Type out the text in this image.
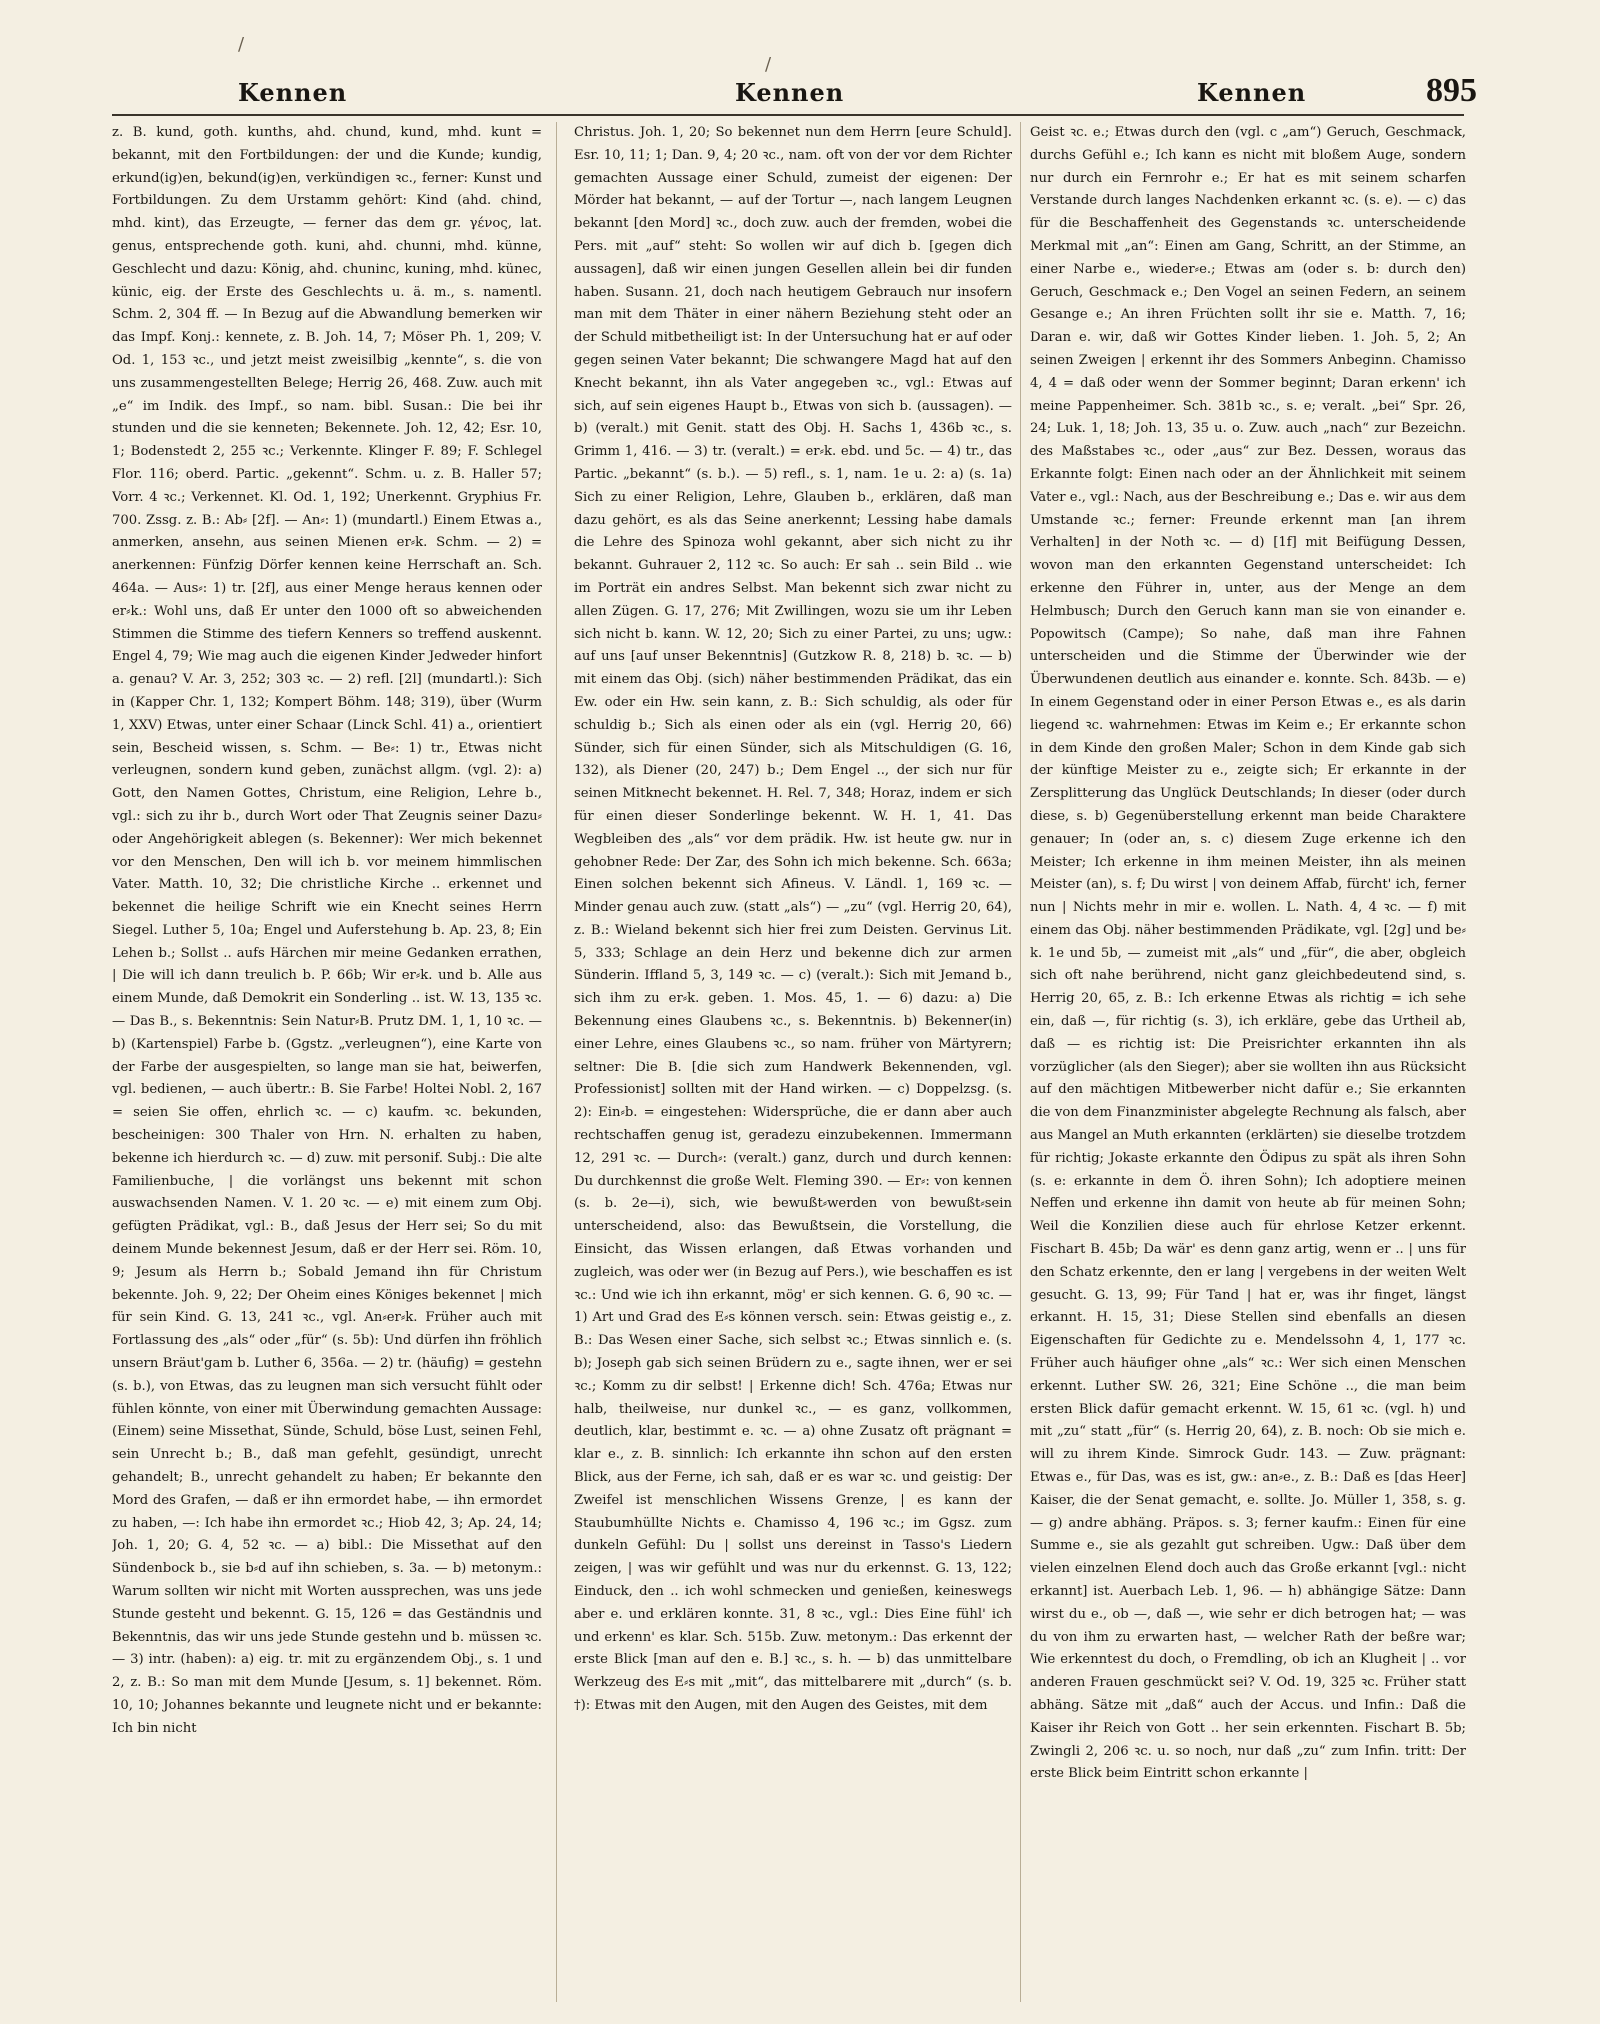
/
/
Kennen	Kennen	Kennen	895

z. B. kund, goth. kunths, ahd. chund, kund, mhd. kunt = bekannt, mit den Fortbildungen: der und die Kunde; kundig, erkund(ig)en, bekund(ig)en, verkündigen ꝛc., ferner: Kunst und Fortbildungen. Zu dem Urstamm gehört: Kind (ahd. chind, mhd. kint), das Erzeugte, — ferner das dem gr. γένος, lat. genus, entsprechende goth. kuni, ahd. chunni, mhd. künne, Geschlecht und dazu: König, ahd. chuninc, kuning, mhd. künec, künic, eig. der Erste des Geschlechts u. ä. m., s. namentl. Schm. 2, 304 ff. — In Bezug auf die Abwandlung bemerken wir das Impf. Konj.: kennete, z. B. Joh. 14, 7; Möser Ph. 1, 209; V. Od. 1, 153 ꝛc., und jetzt meist zweisilbig „kennte“, s. die von uns zusammengestellten Belege; Herrig 26, 468. Zuw. auch mit „e“ im Indik. des Impf., so nam. bibl. Susan.: Die bei ihr stunden und die sie kenneten; Bekennete. Joh. 12, 42; Esr. 10, 1; Bodenstedt 2, 255 ꝛc.; Verkennte. Klinger F. 89; F. Schlegel Flor. 116; oberd. Partic. „gekennt“. Schm. u. z. B. Haller 57; Vorr. 4 ꝛc.; Verkennet. Kl. Od. 1, 192; Unerkennt. Gryphius Fr. 700. Zssg. z. B.: Ab⸗ [2f]. — An⸗: 1) (mundartl.) Einem Etwas a., anmerken, ansehn, aus seinen Mienen er⸗k. Schm. — 2) = anerkennen: Fünfzig Dörfer kennen keine Herrschaft an. Sch. 464a. — Aus⸗: 1) tr. [2f], aus einer Menge heraus kennen oder er⸗k.: Wohl uns, daß Er unter den 1000 oft so abweichenden Stimmen die Stimme des tiefern Kenners so treffend auskennt. Engel 4, 79; Wie mag auch die eigenen Kinder Jedweder hinfort a. genau? V. Ar. 3, 252; 303 ꝛc. — 2) refl. [2l] (mundartl.): Sich in (Kapper Chr. 1, 132; Kompert Böhm. 148; 319), über (Wurm 1, XXV) Etwas, unter einer Schaar (Linck Schl. 41) a., orientiert sein, Bescheid wissen, s. Schm. — Be⸗: 1) tr., Etwas nicht verleugnen, sondern kund geben, zunächst allgm. (vgl. 2): a) Gott, den Namen Gottes, Christum, eine Religion, Lehre b., vgl.: sich zu ihr b., durch Wort oder That Zeugnis seiner Dazu⸗ oder Angehörigkeit ablegen (s. Bekenner): Wer mich bekennet vor den Menschen, Den will ich b. vor meinem himmlischen Vater. Matth. 10, 32; Die christliche Kirche .. erkennet und bekennet die heilige Schrift wie ein Knecht seines Herrn Siegel. Luther 5, 10a; Engel und Auferstehung b. Ap. 23, 8; Ein Lehen b.; Sollst .. aufs Härchen mir meine Gedanken errathen, | Die will ich dann treulich b. P. 66b; Wir er⸗k. und b. Alle aus einem Munde, daß Demokrit ein Sonderling .. ist. W. 13, 135 ꝛc. — Das B., s. Bekenntnis: Sein Natur⸗B. Prutz DM. 1, 1, 10 ꝛc. — b) (Kartenspiel) Farbe b. (Ggstz. „verleugnen“), eine Karte von der Farbe der ausgespielten, so lange man sie hat, beiwerfen, vgl. bedienen, — auch übertr.: B. Sie Farbe! Holtei Nobl. 2, 167 = seien Sie offen, ehrlich ꝛc. — c) kaufm. ꝛc. bekunden, bescheinigen: 300 Thaler von Hrn. N. erhalten zu haben, bekenne ich hierdurch ꝛc. — d) zuw. mit personif. Subj.: Die alte Familienbuche, | die vorlängst uns bekennt mit schon auswachsenden Namen. V. 1. 20 ꝛc. — e) mit einem zum Obj. gefügten Prädikat, vgl.: B., daß Jesus der Herr sei; So du mit deinem Munde bekennest Jesum, daß er der Herr sei. Röm. 10, 9; Jesum als Herrn b.; Sobald Jemand ihn für Christum bekennte. Joh. 9, 22; Der Oheim eines Königes bekennet | mich für sein Kind. G. 13, 241 ꝛc., vgl. An⸗er⸗k. Früher auch mit Fortlassung des „als“ oder „für“ (s. 5b): Und dürfen ihn fröhlich unsern Bräut'gam b. Luther 6, 356a. — 2) tr. (häufig) = gestehn (s. b.), von Etwas, das zu leugnen man sich versucht fühlt oder fühlen könnte, von einer mit Überwindung gemachten Aussage: (Einem) seine Missethat, Sünde, Schuld, böse Lust, seinen Fehl, sein Unrecht b.; B., daß man gefehlt, gesündigt, unrecht gehandelt; B., unrecht gehandelt zu haben; Er bekannte den Mord des Grafen, — daß er ihn ermordet habe, — ihn ermordet zu haben, —: Ich habe ihn ermordet ꝛc.; Hiob 42, 3; Ap. 24, 14; Joh. 1, 20; G. 4, 52 ꝛc. — a) bibl.: Die Missethat auf den Sündenbock b., sie b⸗d auf ihn schieben, s. 3a. — b) metonym.: Warum sollten wir nicht mit Worten aussprechen, was uns jede Stunde gesteht und bekennt. G. 15, 126 = das Geständnis und Bekenntnis, das wir uns jede Stunde gestehn und b. müssen ꝛc. — 3) intr. (haben): a) eig. tr. mit zu ergänzendem Obj., s. 1 und 2, z. B.: So man mit dem Munde [Jesum, s. 1] bekennet. Röm. 10, 10; Johannes bekannte und leugnete nicht und er bekannte: Ich bin nicht

Christus. Joh. 1, 20; So bekennet nun dem Herrn [eure Schuld]. Esr. 10, 11; 1; Dan. 9, 4; 20 ꝛc., nam. oft von der vor dem Richter gemachten Aussage einer Schuld, zumeist der eigenen: Der Mörder hat bekannt, — auf der Tortur —, nach langem Leugnen bekannt [den Mord] ꝛc., doch zuw. auch der fremden, wobei die Pers. mit „auf“ steht: So wollen wir auf dich b. [gegen dich aussagen], daß wir einen jungen Gesellen allein bei dir funden haben. Susann. 21, doch nach heutigem Gebrauch nur insofern man mit dem Thäter in einer nähern Beziehung steht oder an der Schuld mitbetheiligt ist: In der Untersuchung hat er auf oder gegen seinen Vater bekannt; Die schwangere Magd hat auf den Knecht bekannt, ihn als Vater angegeben ꝛc., vgl.: Etwas auf sich, auf sein eigenes Haupt b., Etwas von sich b. (aussagen). — b) (veralt.) mit Genit. statt des Obj. H. Sachs 1, 436b ꝛc., s. Grimm 1, 416. — 3) tr. (veralt.) = er⸗k. ebd. und 5c. — 4) tr., das Partic. „bekannt“ (s. b.). — 5) refl., s. 1, nam. 1e u. 2: a) (s. 1a) Sich zu einer Religion, Lehre, Glauben b., erklären, daß man dazu gehört, es als das Seine anerkennt; Lessing habe damals die Lehre des Spinoza wohl gekannt, aber sich nicht zu ihr bekannt. Guhrauer 2, 112 ꝛc. So auch: Er sah .. sein Bild .. wie im Porträt ein andres Selbst. Man bekennt sich zwar nicht zu allen Zügen. G. 17, 276; Mit Zwillingen, wozu sie um ihr Leben sich nicht b. kann. W. 12, 20; Sich zu einer Partei, zu uns; ugw.: auf uns [auf unser Bekenntnis] (Gutzkow R. 8, 218) b. ꝛc. — b) mit einem das Obj. (sich) näher bestimmenden Prädikat, das ein Ew. oder ein Hw. sein kann, z. B.: Sich schuldig, als oder für schuldig b.; Sich als einen oder als ein (vgl. Herrig 20, 66) Sünder, sich für einen Sünder, sich als Mitschuldigen (G. 16, 132), als Diener (20, 247) b.; Dem Engel .., der sich nur für seinen Mitknecht bekennet. H. Rel. 7, 348; Horaz, indem er sich für einen dieser Sonderlinge bekennt. W. H. 1, 41. Das Wegbleiben des „als“ vor dem prädik. Hw. ist heute gw. nur in gehobner Rede: Der Zar, des Sohn ich mich bekenne. Sch. 663a; Einen solchen bekennt sich Afineus. V. Ländl. 1, 169 ꝛc. — Minder genau auch zuw. (statt „als“) — „zu“ (vgl. Herrig 20, 64), z. B.: Wieland bekennt sich hier frei zum Deisten. Gervinus Lit. 5, 333; Schlage an dein Herz und bekenne dich zur armen Sünderin. Iffland 5, 3, 149 ꝛc. — c) (veralt.): Sich mit Jemand b., sich ihm zu er⸗k. geben. 1. Mos. 45, 1. — 6) dazu: a) Die Bekennung eines Glaubens ꝛc., s. Bekenntnis. b) Bekenner(in) einer Lehre, eines Glaubens ꝛc., so nam. früher von Märtyrern; seltner: Die B. [die sich zum Handwerk Bekennenden, vgl. Professionist] sollten mit der Hand wirken. — c) Doppelzsg. (s. 2): Ein⸗b. = eingestehen: Widersprüche, die er dann aber auch rechtschaffen genug ist, geradezu einzubekennen. Immermann 12, 291 ꝛc. — Durch⸗: (veralt.) ganz, durch und durch kennen: Du durchkennst die große Welt. Fleming 390. — Er⸗: von kennen (s. b. 2e—i), sich, wie bewußt⸗werden von bewußt⸗sein unterscheidend, also: das Bewußtsein, die Vorstellung, die Einsicht, das Wissen erlangen, daß Etwas vorhanden und zugleich, was oder wer (in Bezug auf Pers.), wie beschaffen es ist ꝛc.: Und wie ich ihn erkannt, mög' er sich kennen. G. 6, 90 ꝛc. — 1) Art und Grad des E⸗s können versch. sein: Etwas geistig e., z. B.: Das Wesen einer Sache, sich selbst ꝛc.; Etwas sinnlich e. (s. b); Joseph gab sich seinen Brüdern zu e., sagte ihnen, wer er sei ꝛc.; Komm zu dir selbst! | Erkenne dich! Sch. 476a; Etwas nur halb, theilweise, nur dunkel ꝛc., — es ganz, vollkommen, deutlich, klar, bestimmt e. ꝛc. — a) ohne Zusatz oft prägnant = klar e., z. B. sinnlich: Ich erkannte ihn schon auf den ersten Blick, aus der Ferne, ich sah, daß er es war ꝛc. und geistig: Der Zweifel ist menschlichen Wissens Grenze, | es kann der Staubumhüllte Nichts e. Chamisso 4, 196 ꝛc.; im Ggsz. zum dunkeln Gefühl: Du | sollst uns dereinst in Tasso's Liedern zeigen, | was wir gefühlt und was nur du erkennst. G. 13, 122; Einduck, den .. ich wohl schmecken und genießen, keineswegs aber e. und erklären konnte. 31, 8 ꝛc., vgl.: Dies Eine fühl' ich und erkenn' es klar. Sch. 515b. Zuw. metonym.: Das erkennt der erste Blick [man auf den e. B.] ꝛc., s. h. — b) das unmittelbare Werkzeug des E⸗s mit „mit“, das mittelbarere mit „durch“ (s. b. †): Etwas mit den Augen, mit den Augen des Geistes, mit dem

Geist ꝛc. e.; Etwas durch den (vgl. c „am“) Geruch, Geschmack, durchs Gefühl e.; Ich kann es nicht mit bloßem Auge, sondern nur durch ein Fernrohr e.; Er hat es mit seinem scharfen Verstande durch langes Nachdenken erkannt ꝛc. (s. e). — c) das für die Beschaffenheit des Gegenstands ꝛc. unterscheidende Merkmal mit „an“: Einen am Gang, Schritt, an der Stimme, an einer Narbe e., wieder⸗e.; Etwas am (oder s. b: durch den) Geruch, Geschmack e.; Den Vogel an seinen Federn, an seinem Gesange e.; An ihren Früchten sollt ihr sie e. Matth. 7, 16; Daran e. wir, daß wir Gottes Kinder lieben. 1. Joh. 5, 2; An seinen Zweigen | erkennt ihr des Sommers Anbeginn. Chamisso 4, 4 = daß oder wenn der Sommer beginnt; Daran erkenn' ich meine Pappenheimer. Sch. 381b ꝛc., s. e; veralt. „bei“ Spr. 26, 24; Luk. 1, 18; Joh. 13, 35 u. o. Zuw. auch „nach“ zur Bezeichn. des Maßstabes ꝛc., oder „aus“ zur Bez. Dessen, woraus das Erkannte folgt: Einen nach oder an der Ähnlichkeit mit seinem Vater e., vgl.: Nach, aus der Beschreibung e.; Das e. wir aus dem Umstande ꝛc.; ferner: Freunde erkennt man [an ihrem Verhalten] in der Noth ꝛc. — d) [1f] mit Beifügung Dessen, wovon man den erkannten Gegenstand unterscheidet: Ich erkenne den Führer in, unter, aus der Menge an dem Helmbusch; Durch den Geruch kann man sie von einander e. Popowitsch (Campe); So nahe, daß man ihre Fahnen unterscheiden und die Stimme der Überwinder wie der Überwundenen deutlich aus einander e. konnte. Sch. 843b. — e) In einem Gegenstand oder in einer Person Etwas e., es als darin liegend ꝛc. wahrnehmen: Etwas im Keim e.; Er erkannte schon in dem Kinde den großen Maler; Schon in dem Kinde gab sich der künftige Meister zu e., zeigte sich; Er erkannte in der Zersplitterung das Unglück Deutschlands; In dieser (oder durch diese, s. b) Gegenüberstellung erkennt man beide Charaktere genauer; In (oder an, s. c) diesem Zuge erkenne ich den Meister; Ich erkenne in ihm meinen Meister, ihn als meinen Meister (an), s. f; Du wirst | von deinem Affab, fürcht' ich, ferner nun | Nichts mehr in mir e. wollen. L. Nath. 4, 4 ꝛc. — f) mit einem das Obj. näher bestimmenden Prädikate, vgl. [2g] und be⸗k. 1e und 5b, — zumeist mit „als“ und „für“, die aber, obgleich sich oft nahe berührend, nicht ganz gleichbedeutend sind, s. Herrig 20, 65, z. B.: Ich erkenne Etwas als richtig = ich sehe ein, daß —, für richtig (s. 3), ich erkläre, gebe das Urtheil ab, daß — es richtig ist: Die Preisrichter erkannten ihn als vorzüglicher (als den Sieger); aber sie wollten ihn aus Rücksicht auf den mächtigen Mitbewerber nicht dafür e.; Sie erkannten die von dem Finanzminister abgelegte Rechnung als falsch, aber aus Mangel an Muth erkannten (erklärten) sie dieselbe trotzdem für richtig; Jokaste erkannte den Ödipus zu spät als ihren Sohn (s. e: erkannte in dem Ö. ihren Sohn); Ich adoptiere meinen Neffen und erkenne ihn damit von heute ab für meinen Sohn; Weil die Konzilien diese auch für ehrlose Ketzer erkennt. Fischart B. 45b; Da wär' es denn ganz artig, wenn er .. | uns für den Schatz erkennte, den er lang | vergebens in der weiten Welt gesucht. G. 13, 99; Für Tand | hat er, was ihr finget, längst erkannt. H. 15, 31; Diese Stellen sind ebenfalls an diesen Eigenschaften für Gedichte zu e. Mendelssohn 4, 1, 177 ꝛc. Früher auch häufiger ohne „als“ ꝛc.: Wer sich einen Menschen erkennt. Luther SW. 26, 321; Eine Schöne .., die man beim ersten Blick dafür gemacht erkennt. W. 15, 61 ꝛc. (vgl. h) und mit „zu“ statt „für“ (s. Herrig 20, 64), z. B. noch: Ob sie mich e. will zu ihrem Kinde. Simrock Gudr. 143. — Zuw. prägnant: Etwas e., für Das, was es ist, gw.: an⸗e., z. B.: Daß es [das Heer] Kaiser, die der Senat gemacht, e. sollte. Jo. Müller 1, 358, s. g. — g) andre abhäng. Präpos. s. 3; ferner kaufm.: Einen für eine Summe e., sie als gezahlt gut schreiben. Ugw.: Daß über dem vielen einzelnen Elend doch auch das Große erkannt [vgl.: nicht erkannt] ist. Auerbach Leb. 1, 96. — h) abhängige Sätze: Dann wirst du e., ob —, daß —, wie sehr er dich betrogen hat; — was du von ihm zu erwarten hast, — welcher Rath der beßre war; Wie erkenntest du doch, o Fremdling, ob ich an Klugheit | .. vor anderen Frauen geschmückt sei? V. Od. 19, 325 ꝛc. Früher statt abhäng. Sätze mit „daß“ auch der Accus. und Infin.: Daß die Kaiser ihr Reich von Gott .. her sein erkennten. Fischart B. 5b; Zwingli 2, 206 ꝛc. u. so noch, nur daß „zu“ zum Infin. tritt: Der erste Blick beim Eintritt schon erkannte |
